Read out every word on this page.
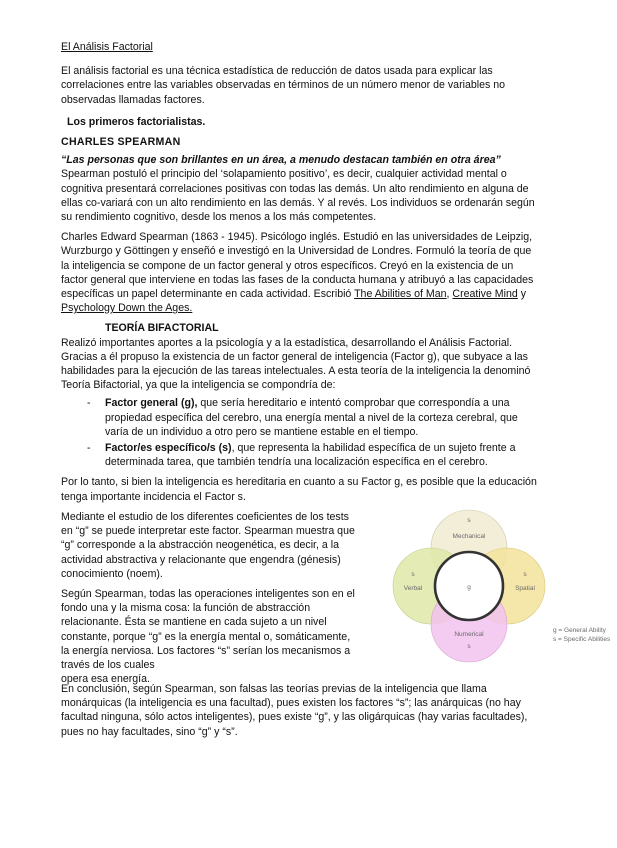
El Análisis Factorial

El análisis factorial es una técnica estadística de reducción de datos usada para explicar las correlaciones entre las variables observadas en términos de un número menor de variables no observadas llamadas factores.

Los primeros factorialistas.
CHARLES SPEARMAN
“Las personas que son brillantes en un área, a menudo destacan también en otra área”

Spearman postuló el principio del ‘solapamiento positivo’, es decir, cualquier actividad mental o cognitiva presentará correlaciones positivas con todas las demás. Un alto rendimiento en alguna de ellas co-variará con un alto rendimiento en las demás. Y al revés. Los individuos se ordenarán según su rendimiento cognitivo, desde los menos a los más competentes.

Charles Edward Spearman (1863 - 1945). Psicólogo inglés. Estudió en las universidades de Leipzig, Wurzburgo y Göttingen y enseñó e investigó en la Universidad de Londres. Formuló la teoría de que la inteligencia se compone de un factor general y otros específicos. Creyó en la existencia de un factor general que interviene en todas las fases de la conducta humana y atribuyó a las capacidades específicas un papel determinante en cada actividad. Escribió The Abilities of Man, Creative Mind y Psychology Down the Ages.

TEORÍA BIFACTORIAL

Realizó importantes aportes a la psicología y a la estadística, desarrollando el Análisis Factorial. Gracias a él propuso la existencia de un factor general de inteligencia (Factor g), que subyace a las habilidades para la ejecución de las tareas intelectuales. A esta teoría de la inteligencia la denominó Teoría Bifactorial, ya que la inteligencia se compondría de:

- Factor general (g), que sería hereditario e intentó comprobar que correspondía a una propiedad específica del cerebro, una energía mental a nivel de la corteza cerebral, que varía de un individuo a otro pero se mantiene estable en el tiempo.
- Factor/es específico/s (s), que representa la habilidad específica de un sujeto frente a determinada tarea, que también tendría una localización específica en el cerebro.

Por lo tanto, si bien la inteligencia es hereditaria en cuanto a su Factor g, es posible que la educación tenga importante incidencia el Factor s.

Mediante el estudio de los diferentes coeficientes de los tests en “g” se puede interpretar este factor. Spearman muestra que “g” corresponde a la abstracción neogenética, es decir, a la actividad abstractiva y relacionante que engendra (génesis) conocimiento (noem).

Según Spearman, todas las operaciones inteligentes son en el fondo una y la misma cosa: la función de abstracción relacionante. Ésta se mantiene en cada sujeto a un nivel constante, porque “g” es la energía mental o, somáticamente, la energía nerviosa. Los factores “s” serían los mecanismos a través de los cuales
opera esa energía.

s
Mechanical
s
Verbal
s
Spatial
Numerical
s
g
g = General Ability
s = Specific Abilities

En conclusión, según Spearman, son falsas las teorías previas de la inteligencia que llama monárquicas (la inteligencia es una facultad), pues existen los factores “s”; las anárquicas (no hay facultad ninguna, sólo actos inteligentes), pues existe “g”, y las oligárquicas (hay varias facultades), pues no hay facultades, sino “g” y “s”.
